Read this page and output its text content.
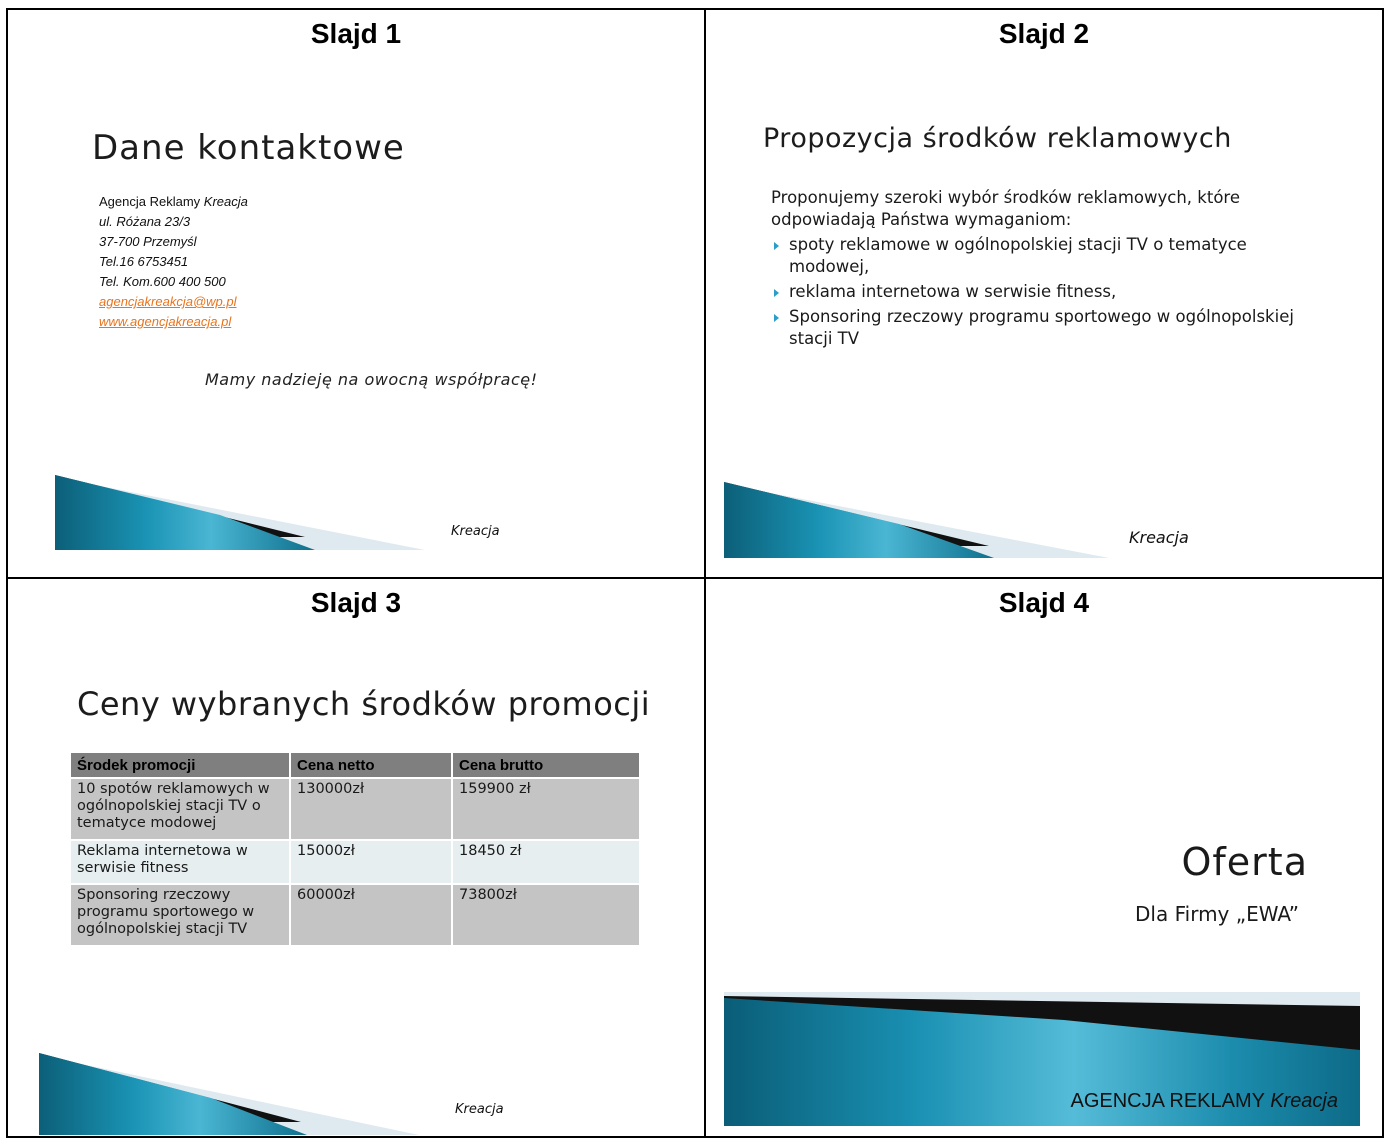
Slajd 1
Dane kontaktowe
Agencja Reklamy Kreacja
ul. Różana 23/3
37-700 Przemyśl
Tel.16 6753451
Tel. Kom.600 400 500
agencjakreakcja@wp.pl
www.agencjakreacja.pl
Mamy nadzieję na owocną współpracę!
Kreacja
Slajd 2
Propozycja środków reklamowych
Proponujemy szeroki wybór środków reklamowych, które odpowiadają Państwa wymaganiom:
spoty reklamowe w ogólnopolskiej stacji TV o tematyce modowej,
reklama internetowa w serwisie fitness,
Sponsoring rzeczowy programu sportowego w ogólnopolskiej stacji TV
Kreacja
Slajd 3
Ceny wybranych środków promocji
Środek promocji	Cena netto	Cena brutto
10 spotów reklamowych w ogólnopolskiej stacji TV o tematyce modowej	130000zł	159900 zł
Reklama internetowa w serwisie fitness	15000zł	18450 zł
Sponsoring rzeczowy programu sportowego w ogólnopolskiej stacji TV	60000zł	73800zł
Kreacja
Slajd 4
Oferta
Dla Firmy „EWA”
AGENCJA REKLAMY Kreacja
